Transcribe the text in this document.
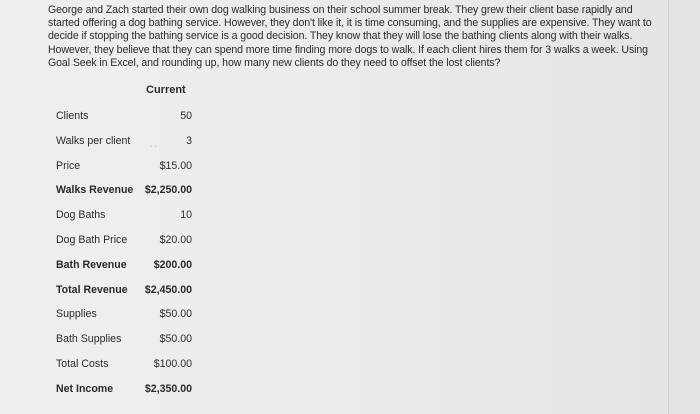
George and Zach started their own dog walking business on their school summer break. They grew their client base rapidly and

started offering a dog bathing service. However, they don't like it, it is time consuming, and the supplies are expensive. They want to

decide if stopping the bathing service is a good decision. They know that they will lose the bathing clients along with their walks.

However, they believe that they can spend more time finding more dogs to walk. If each client hires them for 3 walks a week. Using

Goal Seek in Excel, and rounding up, how many new clients do they need to offset the lost clients?

Current
Clients	50
Walks per client	· ·	3
Price	$15.00
Walks Revenue $2,250.00
Dog Baths	10
Dog Bath Price	$20.00
Bath Revenue	$200.00
Total Revenue $2,450.00
Supplies	$50.00
Bath Supplies	$50.00
Total Costs	$100.00
Net Income	$2,350.00
